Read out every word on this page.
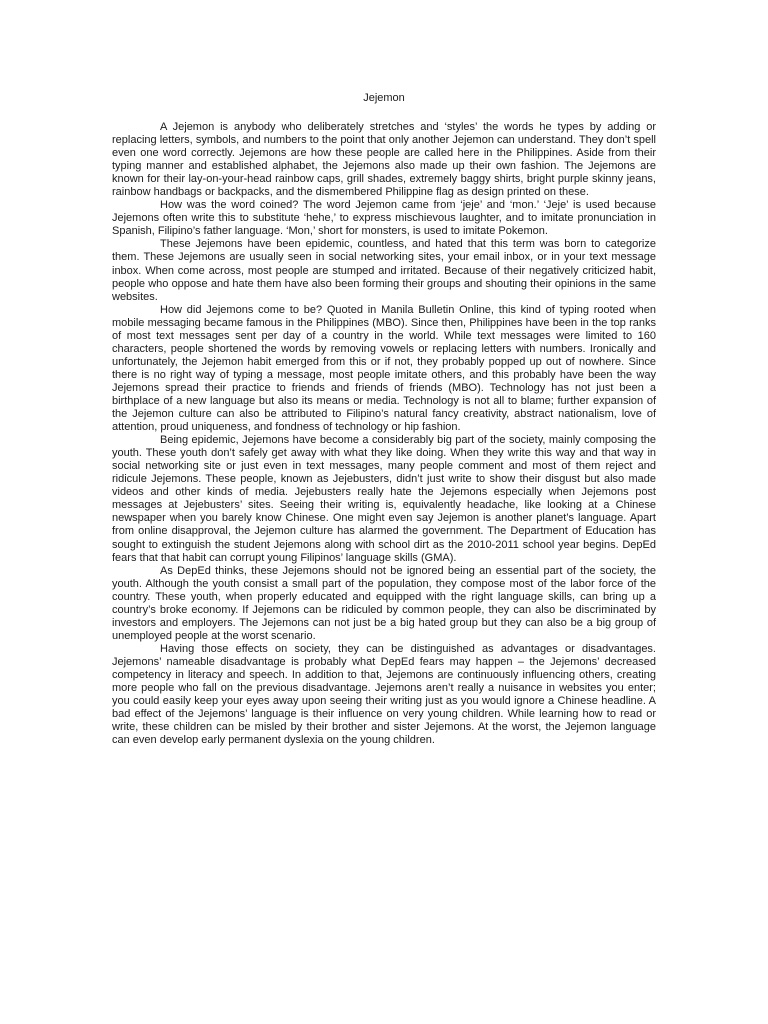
Jejemon

A Jejemon is anybody who deliberately stretches and ‘styles’ the words he types by adding or replacing letters, symbols, and numbers to the point that only another Jejemon can understand. They don’t spell even one word correctly. Jejemons are how these people are called here in the Philippines. Aside from their typing manner and established alphabet, the Jejemons also made up their own fashion. The Jejemons are known for their lay-on-your-head rainbow caps, grill shades, extremely baggy shirts, bright purple skinny jeans, rainbow handbags or backpacks, and the dismembered Philippine flag as design printed on these.

How was the word coined? The word Jejemon came from ‘jeje’ and ‘mon.’ ‘Jeje’ is used because Jejemons often write this to substitute ‘hehe,’ to express mischievous laughter, and to imitate pronunciation in Spanish, Filipino’s father language. ‘Mon,’ short for monsters, is used to imitate Pokemon.

These Jejemons have been epidemic, countless, and hated that this term was born to categorize them. These Jejemons are usually seen in social networking sites, your email inbox, or in your text message inbox. When come across, most people are stumped and irritated. Because of their negatively criticized habit, people who oppose and hate them have also been forming their groups and shouting their opinions in the same websites.

How did Jejemons come to be? Quoted in Manila Bulletin Online, this kind of typing rooted when mobile messaging became famous in the Philippines (MBO). Since then, Philippines have been in the top ranks of most text messages sent per day of a country in the world. While text messages were limited to 160 characters, people shortened the words by removing vowels or replacing letters with numbers. Ironically and unfortunately, the Jejemon habit emerged from this or if not, they probably popped up out of nowhere. Since there is no right way of typing a message, most people imitate others, and this probably have been the way Jejemons spread their practice to friends and friends of friends (MBO). Technology has not just been a birthplace of a new language but also its means or media. Technology is not all to blame; further expansion of the Jejemon culture can also be attributed to Filipino’s natural fancy creativity, abstract nationalism, love of attention, proud uniqueness, and fondness of technology or hip fashion.

Being epidemic, Jejemons have become a considerably big part of the society, mainly composing the youth. These youth don’t safely get away with what they like doing. When they write this way and that way in social networking site or just even in text messages, many people comment and most of them reject and ridicule Jejemons. These people, known as Jejebusters, didn’t just write to show their disgust but also made videos and other kinds of media. Jejebusters really hate the Jejemons especially when Jejemons post messages at Jejebusters’ sites. Seeing their writing is, equivalently headache, like looking at a Chinese newspaper when you barely know Chinese. One might even say Jejemon is another planet’s language. Apart from online disapproval, the Jejemon culture has alarmed the government. The Department of Education has sought to extinguish the student Jejemons along with school dirt as the 2010-2011 school year begins. DepEd fears that that habit can corrupt young Filipinos’ language skills (GMA).

As DepEd thinks, these Jejemons should not be ignored being an essential part of the society, the youth. Although the youth consist a small part of the population, they compose most of the labor force of the country. These youth, when properly educated and equipped with the right language skills, can bring up a country’s broke economy. If Jejemons can be ridiculed by common people, they can also be discriminated by investors and employers. The Jejemons can not just be a big hated group but they can also be a big group of unemployed people at the worst scenario.

Having those effects on society, they can be distinguished as advantages or disadvantages. Jejemons’ nameable disadvantage is probably what DepEd fears may happen – the Jejemons’ decreased competency in literacy and speech. In addition to that, Jejemons are continuously influencing others, creating more people who fall on the previous disadvantage. Jejemons aren’t really a nuisance in websites you enter; you could easily keep your eyes away upon seeing their writing just as you would ignore a Chinese headline. A bad effect of the Jejemons’ language is their influence on very young children. While learning how to read or write, these children can be misled by their brother and sister Jejemons. At the worst, the Jejemon language can even develop early permanent dyslexia on the young children.
